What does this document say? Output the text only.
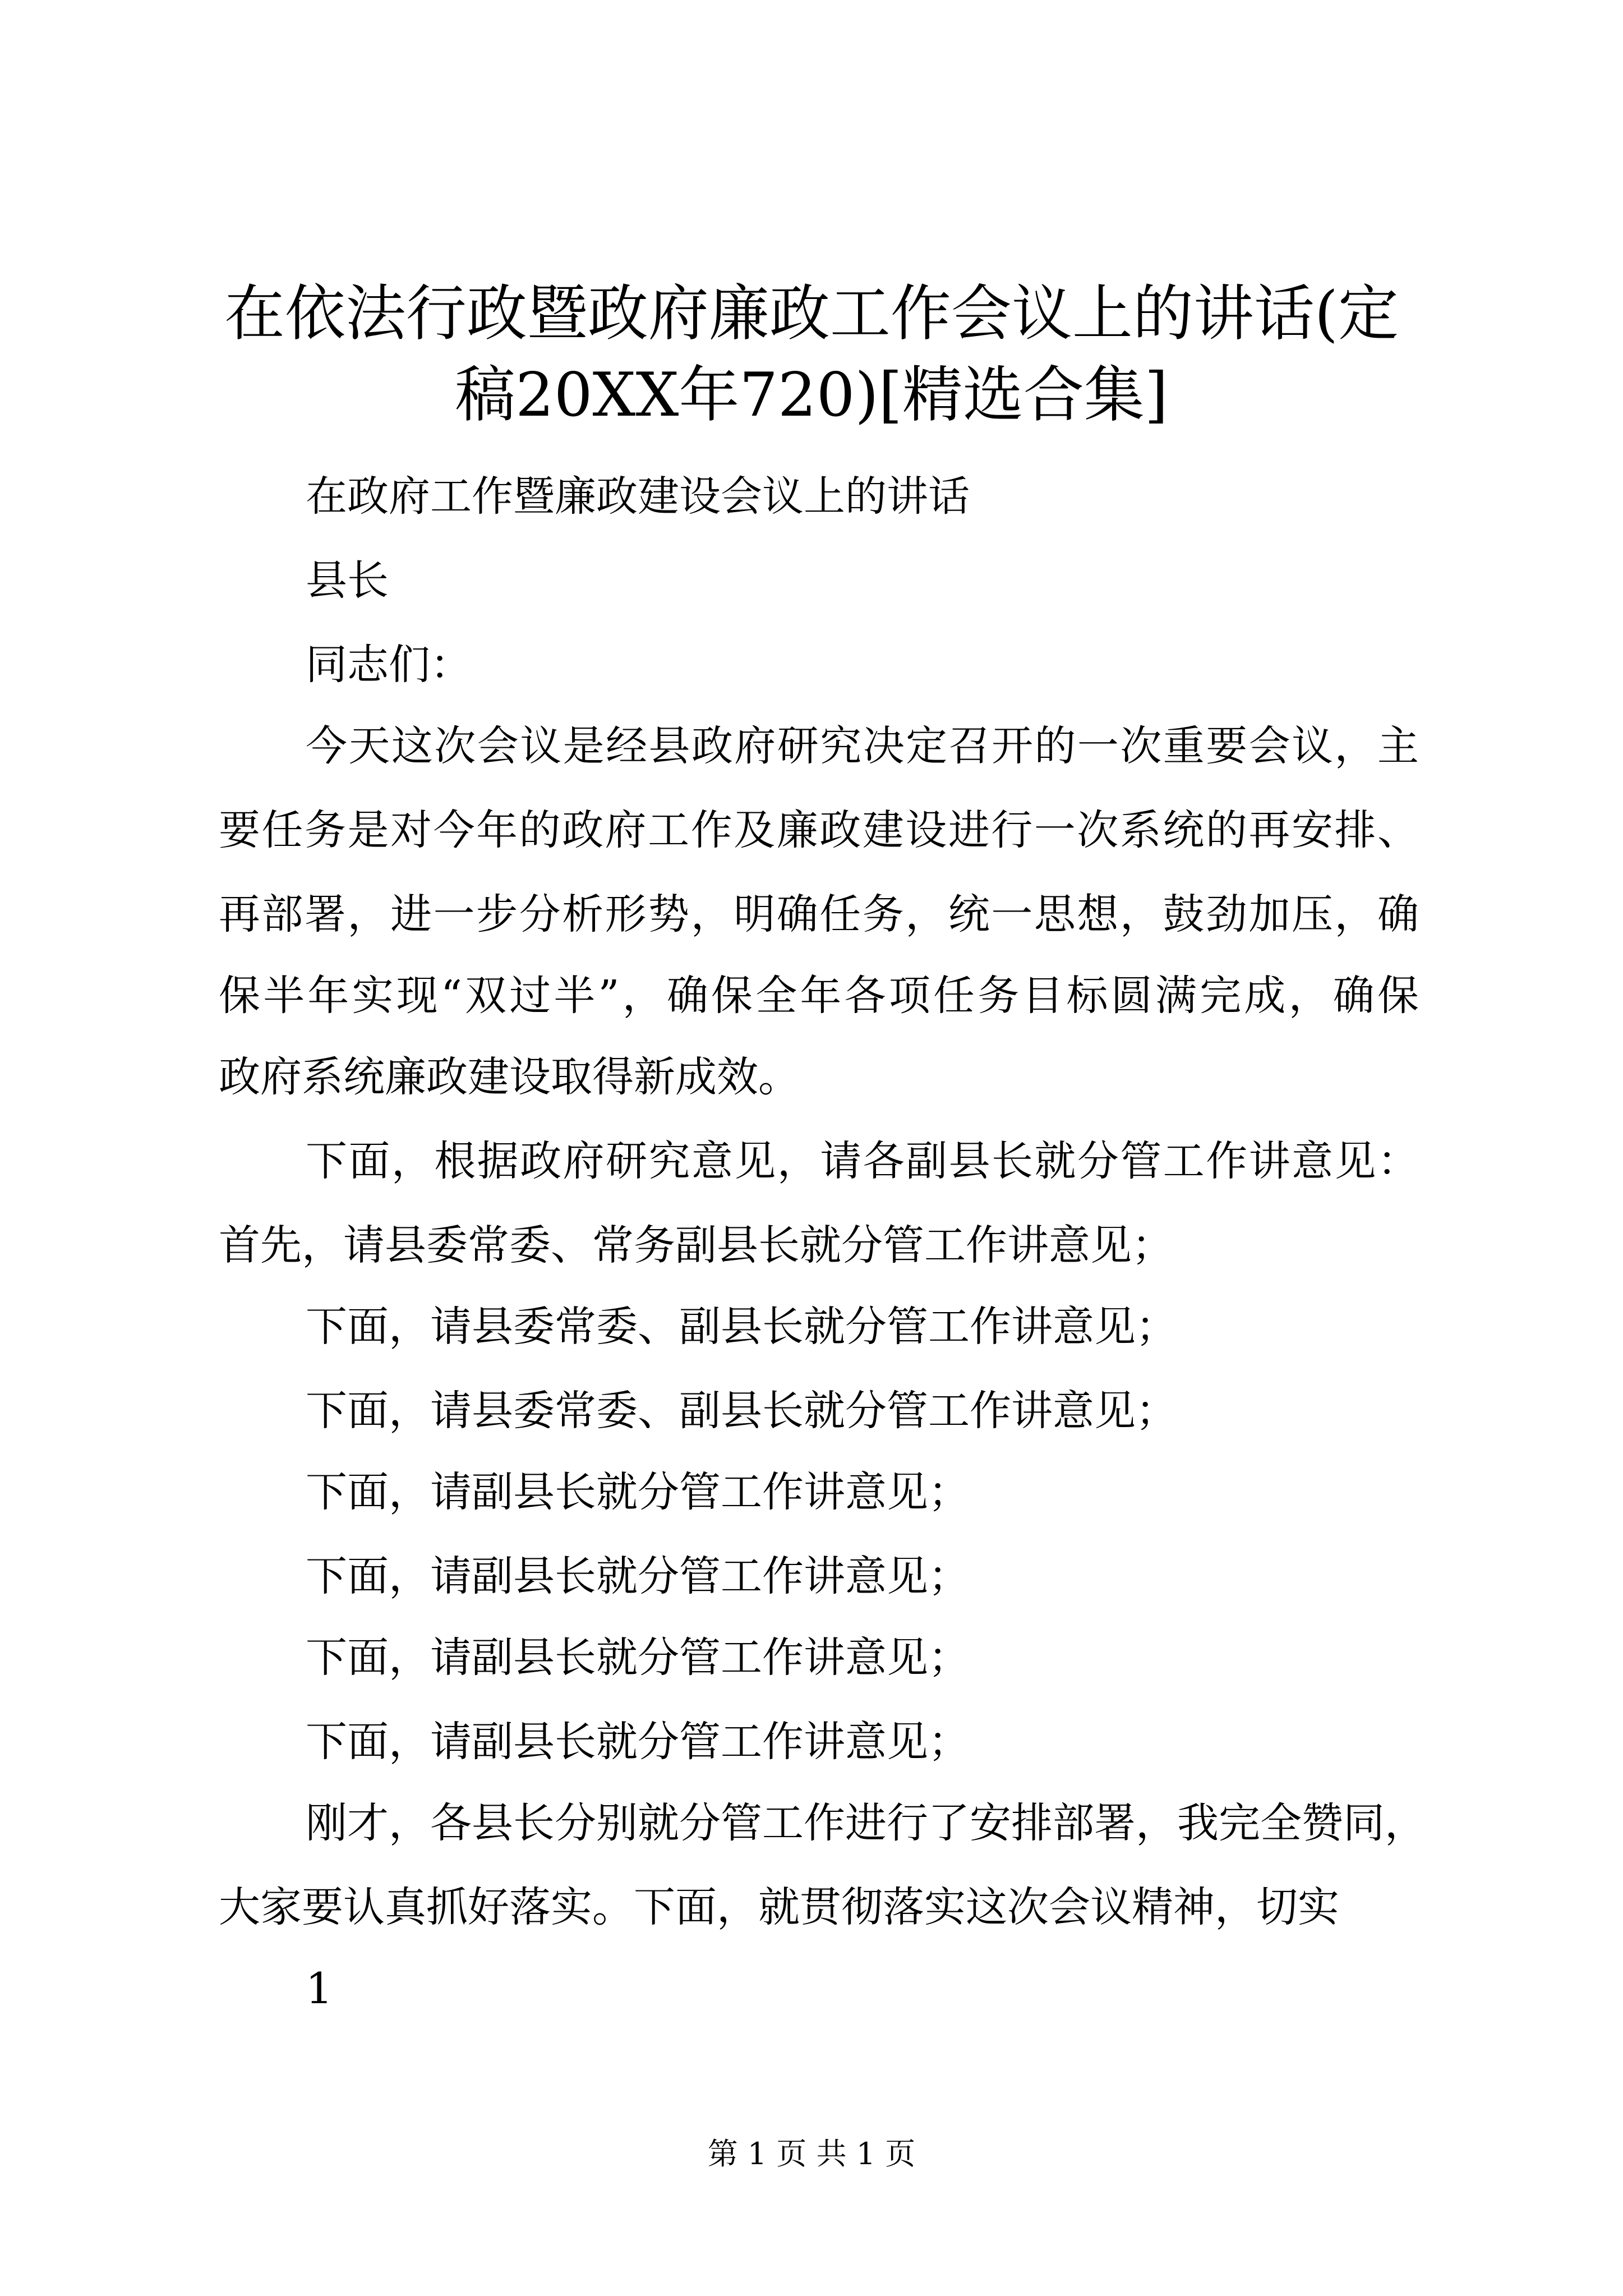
在依法行政暨政府廉政工作会议上的讲话(定
稿20XX年720)[精选合集]
在政府工作暨廉政建设会议上的讲话
县长
同志们：
今天这次会议是经县政府研究决定召开的一次重要会议，主
要任务是对今年的政府工作及廉政建设进行一次系统的再安排、
再部署，进一步分析形势，明确任务，统一思想，鼓劲加压，确
保半年实现“双过半”，确保全年各项任务目标圆满完成，确保
政府系统廉政建设取得新成效。
下面，根据政府研究意见，请各副县长就分管工作讲意见：
首先，请县委常委、常务副县长就分管工作讲意见；
下面，请县委常委、副县长就分管工作讲意见；
下面，请县委常委、副县长就分管工作讲意见；
下面，请副县长就分管工作讲意见；
下面，请副县长就分管工作讲意见；
下面，请副县长就分管工作讲意见；
下面，请副县长就分管工作讲意见；
刚才，各县长分别就分管工作进行了安排部署，我完全赞同，
大家要认真抓好落实。下面，就贯彻落实这次会议精神，切实
1
第 1 页 共 1 页
